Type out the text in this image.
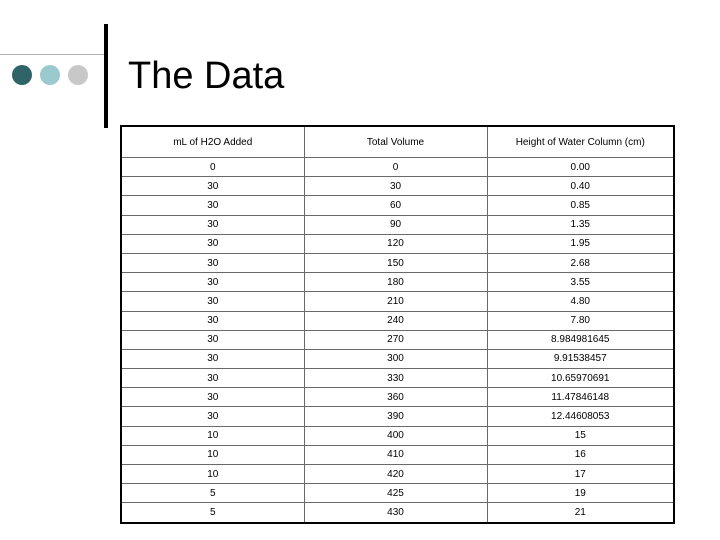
The Data
mL of H2O Added	Total Volume	Height of Water Column (cm)
0	0	0.00
30	30	0.40
30	60	0.85
30	90	1.35
30	120	1.95
30	150	2.68
30	180	3.55
30	210	4.80
30	240	7.80
30	270	8.984981645
30	300	9.91538457
30	330	10.65970691
30	360	11.47846148
30	390	12.44608053
10	400	15
10	410	16
10	420	17
5	425	19
5	430	21
